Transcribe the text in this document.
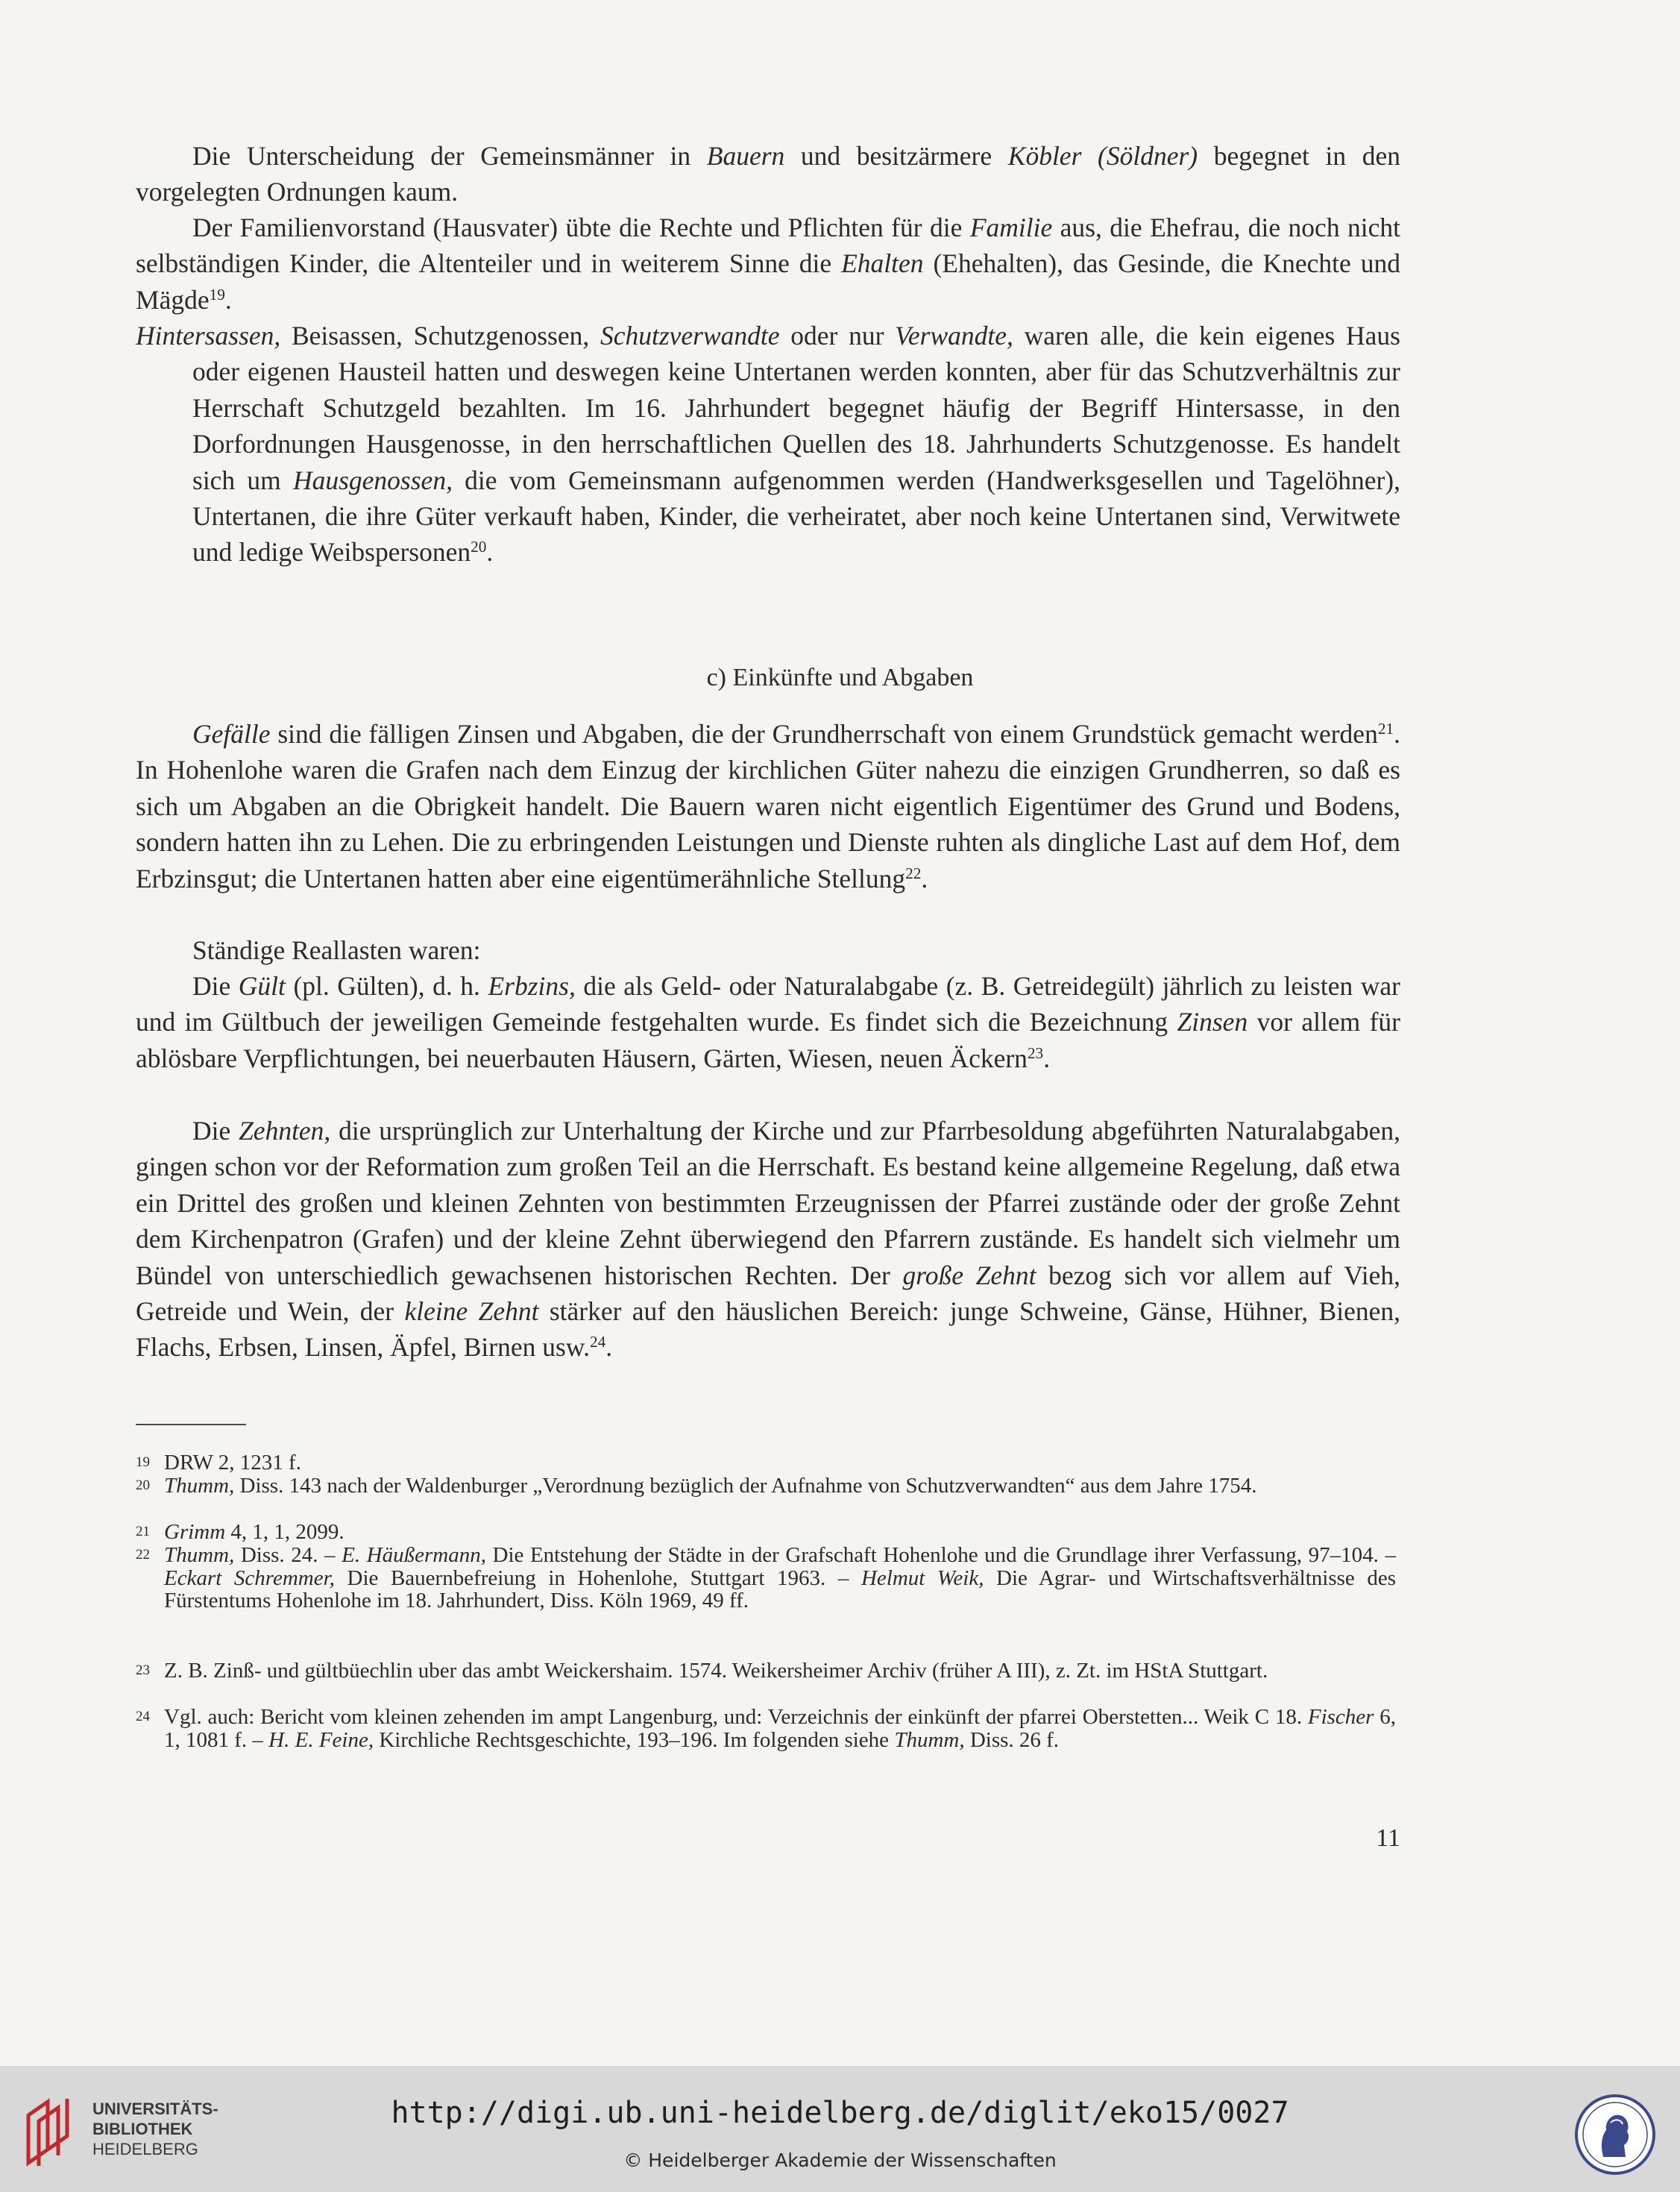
Die Unterscheidung der Gemeinsmänner in Bauern und besitzärmere Köbler (Söldner) begegnet in den vorgelegten Ordnungen kaum.
Der Familienvorstand (Hausvater) übte die Rechte und Pflichten für die Familie aus, die Ehefrau, die noch nicht selbständigen Kinder, die Altenteiler und in weiterem Sinne die Ehalten (Ehehalten), das Gesinde, die Knechte und Mägde$^{19}$.
Hintersassen, Beisassen, Schutzgenossen, Schutzverwandte oder nur Verwandte, waren alle, die kein eigenes Haus oder eigenen Hausteil hatten und deswegen keine Untertanen werden konnten, aber für das Schutzverhältnis zur Herrschaft Schutzgeld bezahlten. Im 16. Jahrhundert begegnet häufig der Begriff Hintersasse, in den Dorfordnungen Hausgenosse, in den herrschaftlichen Quellen des 18. Jahrhunderts Schutzgenosse. Es handelt sich um Hausgenossen, die vom Gemeinsmann aufgenommen werden (Handwerksgesellen und Tagelöhner), Untertanen, die ihre Güter verkauft haben, Kinder, die verheiratet, aber noch keine Untertanen sind, Verwitwete und ledige Weibspersonen$^{20}$.
c) Einkünfte und Abgaben
Gefälle sind die fälligen Zinsen und Abgaben, die der Grundherrschaft von einem Grundstück gemacht werden$^{21}$. In Hohenlohe waren die Grafen nach dem Einzug der kirchlichen Güter nahezu die einzigen Grundherren, so daß es sich um Abgaben an die Obrigkeit handelt. Die Bauern waren nicht eigentlich Eigentümer des Grund und Bodens, sondern hatten ihn zu Lehen. Die zu erbringenden Leistungen und Dienste ruhten als dingliche Last auf dem Hof, dem Erbzinsgut; die Untertanen hatten aber eine eigentümerähnliche Stellung$^{22}$.
Ständige Reallasten waren:
Die Gült (pl. Gülten), d. h. Erbzins, die als Geld- oder Naturalabgabe (z. B. Getreidegült) jährlich zu leisten war und im Gültbuch der jeweiligen Gemeinde festgehalten wurde. Es findet sich die Bezeichnung Zinsen vor allem für ablösbare Verpflichtungen, bei neuerbauten Häusern, Gärten, Wiesen, neuen Äckern$^{23}$.
Die Zehnten, die ursprünglich zur Unterhaltung der Kirche und zur Pfarrbesoldung abgeführten Naturalabgaben, gingen schon vor der Reformation zum großen Teil an die Herrschaft. Es bestand keine allgemeine Regelung, daß etwa ein Drittel des großen und kleinen Zehnten von bestimmten Erzeugnissen der Pfarrei zustände oder der große Zehnt dem Kirchenpatron (Grafen) und der kleine Zehnt überwiegend den Pfarrern zustände. Es handelt sich vielmehr um Bündel von unterschiedlich gewachsenen historischen Rechten. Der große Zehnt bezog sich vor allem auf Vieh, Getreide und Wein, der kleine Zehnt stärker auf den häuslichen Bereich: junge Schweine, Gänse, Hühner, Bienen, Flachs, Erbsen, Linsen, Äpfel, Birnen usw.$^{24}$.
19 DRW 2, 1231 f.
20 Thumm, Diss. 143 nach der Waldenburger „Verordnung bezüglich der Aufnahme von Schutzverwandten“ aus dem Jahre 1754.
21 Grimm 4, 1, 1, 2099.
22 Thumm, Diss. 24. – E. Häußermann, Die Entstehung der Städte in der Grafschaft Hohenlohe und die Grundlage ihrer Verfassung, 97–104. – Eckart Schremmer, Die Bauernbefreiung in Hohenlohe, Stuttgart 1963. – Helmut Weik, Die Agrar- und Wirtschaftsverhältnisse des Fürstentums Hohenlohe im 18. Jahrhundert, Diss. Köln 1969, 49 ff.
23 Z. B. Zinß- und gültbüechlin uber das ambt Weickershaim. 1574. Weikersheimer Archiv (früher A III), z. Zt. im HStA Stuttgart.
24 Vgl. auch: Bericht vom kleinen zehenden im ampt Langenburg, und: Verzeichnis der einkünft der pfarrei Oberstetten... Weik C 18. Fischer 6, 1, 1081 f. – H. E. Feine, Kirchliche Rechtsgeschichte, 193–196. Im folgenden siehe Thumm, Diss. 26 f.
11
UNIVERSITÄTS-
BIBLIOTHEK
HEIDELBERG
http://digi.ub.uni-heidelberg.de/diglit/eko15/0027
© Heidelberger Akademie der Wissenschaften
